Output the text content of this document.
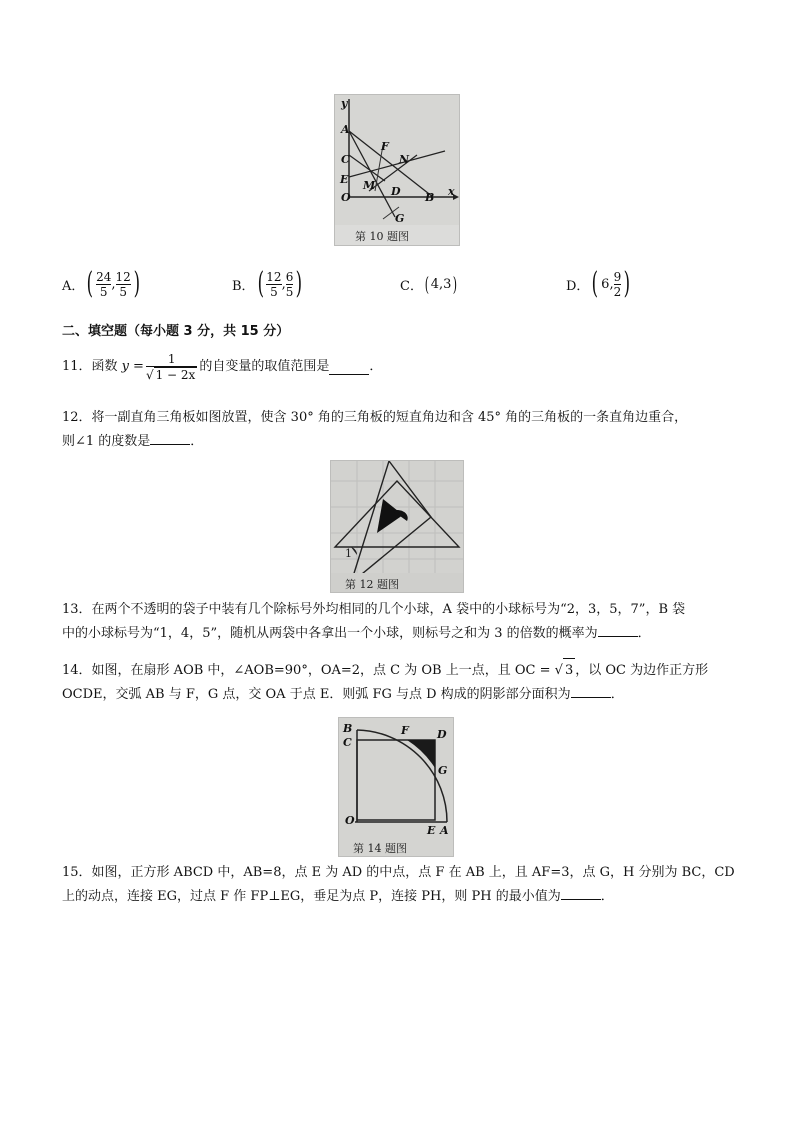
y
x
A
C
E
O
F
N
M D B
G
第 10 题图
A． ( $\frac{24}{5}$ , $\frac{12}{5}$ )	B． ( $\frac{12}{5}$ , $\frac{6}{5}$ )	C． ( 4,3 )	D． ( 6 , $\frac{9}{2}$ )
二、填空题（每小题 3 分，共 15 分）
11． 函数 $y = \frac{1}{√ 1 - 2x}$ 的自变量的取值范围是	．
12．将一副直角三角板如图放置，使含 30° 角的三角板的短直角边和含 45° 角的三角板的一条直角边重合，
则∠1 的度数是	．
1
第 12 题图
13．在两个不透明的袋子中装有几个除标号外均相同的几个小球，A 袋中的小球标号为“2，3，5，7”，B 袋
中的小球标号为“1，4，5”，随机从两袋中各拿出一个小球，则标号之和为 3 的倍数的概率为	．
14．如图，在扇形 AOB 中，∠AOB=90°，OA=2，点 C 为 OB 上一点，且 OC = √ 3 ，以 OC 为边作正方形
OCDE，交弧 AB 与 F，G 点，交 OA 于点 E．则弧 FG 与点 D 构成的阴影部分面积为	．
B
C
F	D
G
O
E A
第 14 题图
15．如图，正方形 ABCD 中，AB=8，点 E 为 AD 的中点，点 F 在 AB 上，且 AF=3，点 G，H 分别为 BC，CD
上的动点，连接 EG，过点 F 作 FP⊥EG，垂足为点 P，连接 PH，则 PH 的最小值为	．
